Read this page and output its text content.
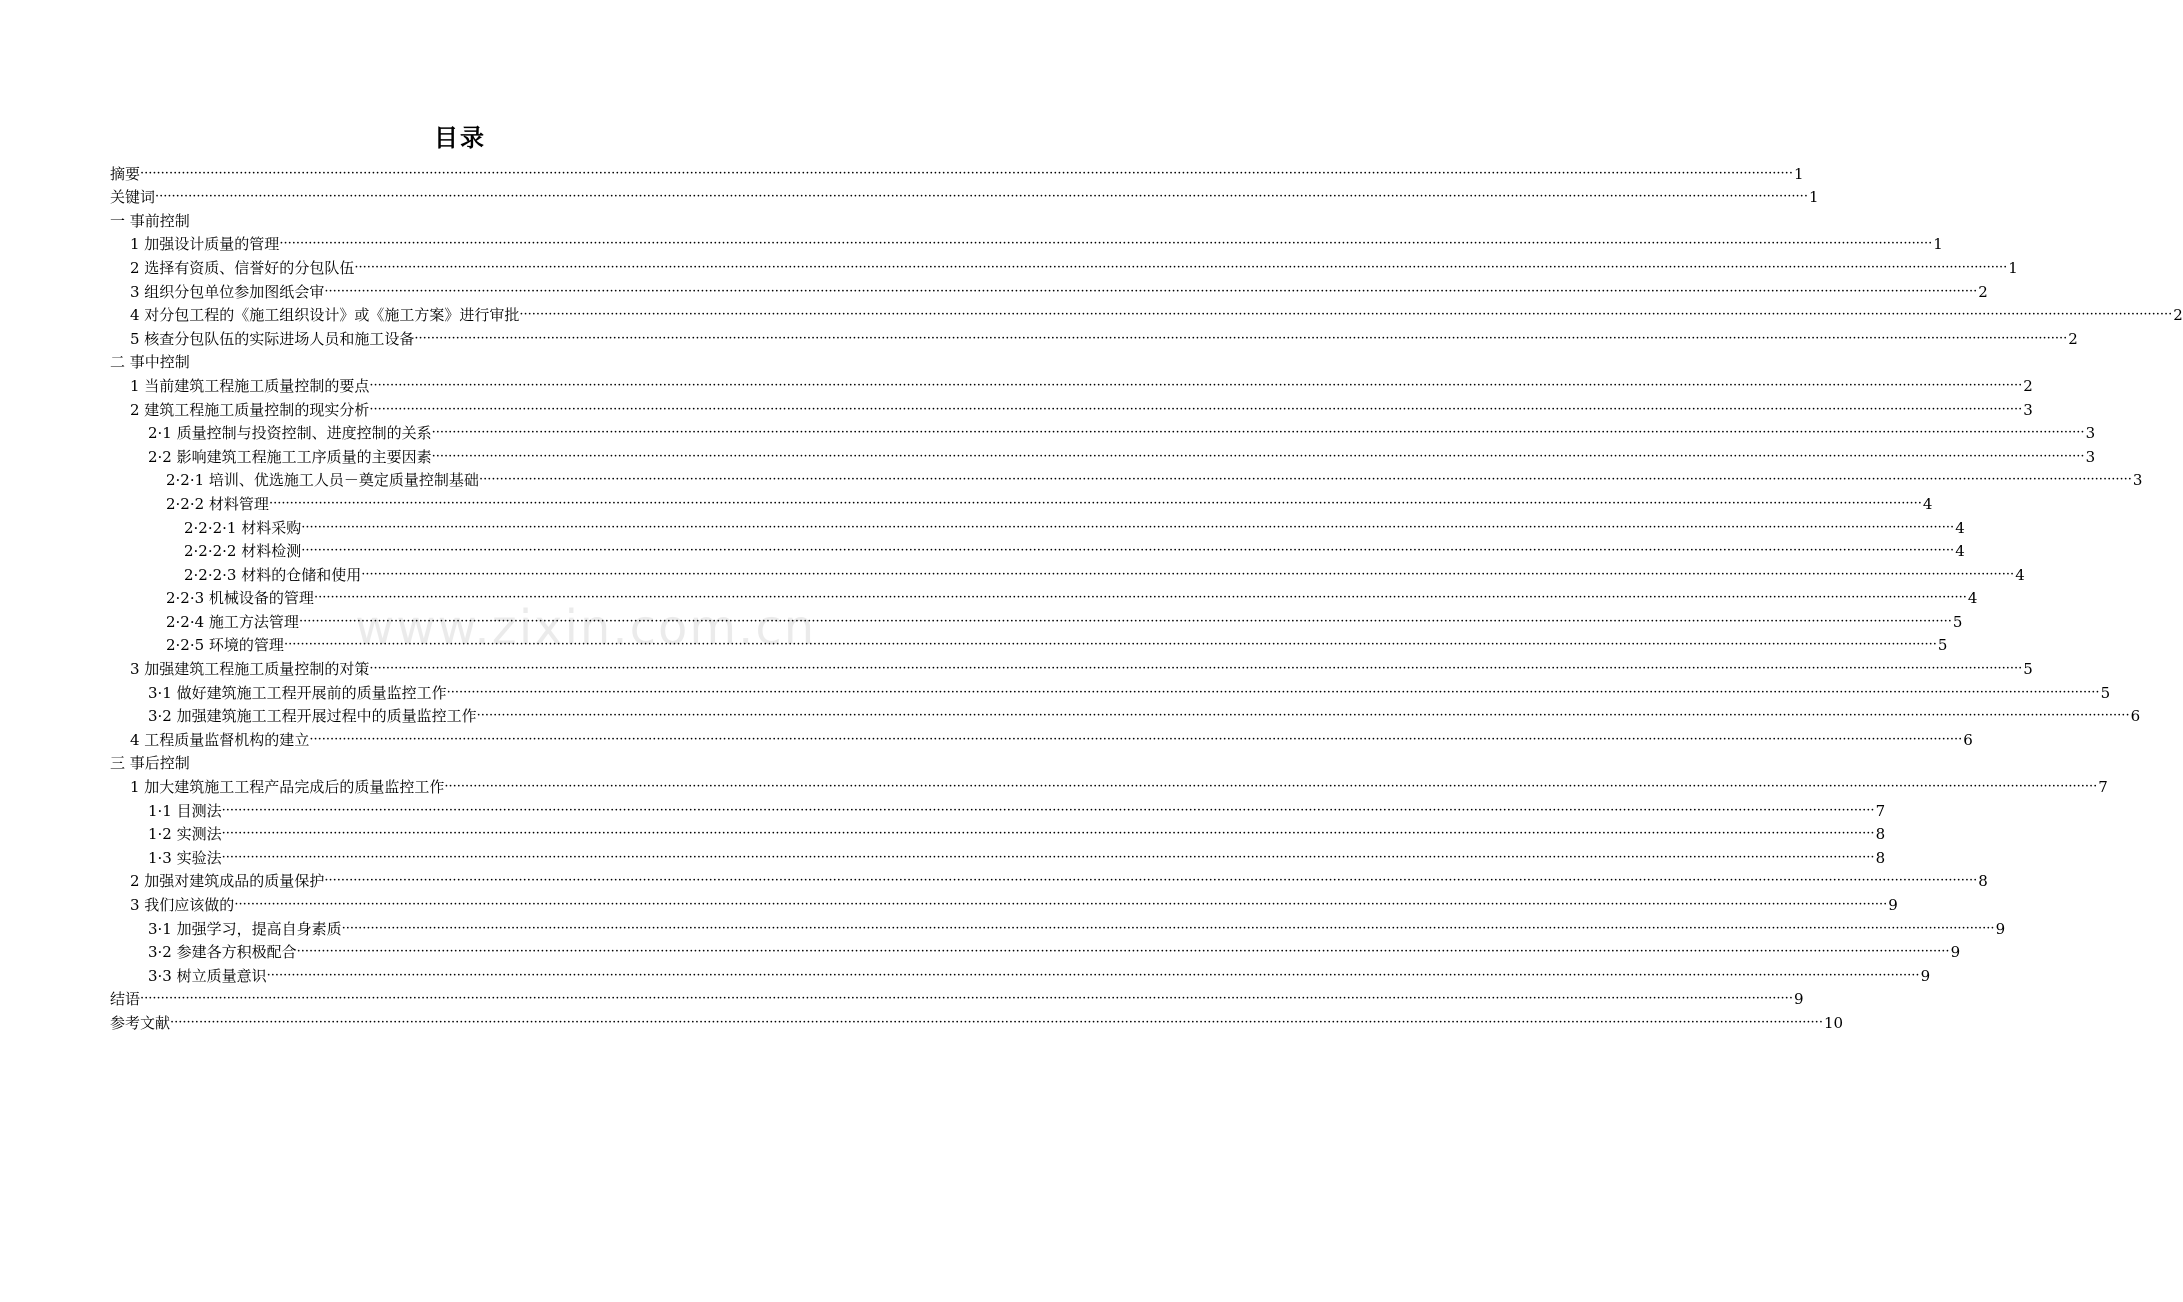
目录
www.zixin.com.cn
摘要 ················································································································································································································································································································································································································ 1
关键词 ················································································································································································································································································································································································································ 1
一 事前控制
1 加强设计质量的管理 ················································································································································································································································································································································································································ 1
2 选择有资质、信誉好的分包队伍 ················································································································································································································································································································································································································ 1
3 组织分包单位参加图纸会审 ················································································································································································································································································································································································································ 2
4 对分包工程的《施工组织设计》或《施工方案》进行审批 ················································································································································································································································································································································································································ 2
5 核查分包队伍的实际进场人员和施工设备 ················································································································································································································································································································································································································ 2
二 事中控制
1 当前建筑工程施工质量控制的要点 ················································································································································································································································································································································································································ 2
2 建筑工程施工质量控制的现实分析 ················································································································································································································································································································································································································ 3
2·1 质量控制与投资控制、进度控制的关系 ················································································································································································································································································································································································································ 3
2·2 影响建筑工程施工工序质量的主要因素 ················································································································································································································································································································································································································ 3
2·2·1 培训、优选施工人员－奠定质量控制基础 ················································································································································································································································································································································································································ 3
2·2·2 材料管理 ················································································································································································································································································································································································································ 4
2·2·2·1 材料采购 ················································································································································································································································································································································································································ 4
2·2·2·2 材料检测 ················································································································································································································································································································································································································ 4
2·2·2·3 材料的仓储和使用 ················································································································································································································································································································································································································ 4
2·2·3 机械设备的管理 ················································································································································································································································································································································································································ 4
2·2·4 施工方法管理 ················································································································································································································································································································································································································ 5
2·2·5 环境的管理 ················································································································································································································································································································································································································ 5
3 加强建筑工程施工质量控制的对策 ················································································································································································································································································································································································································ 5
3·1 做好建筑施工工程开展前的质量监控工作 ················································································································································································································································································································································································································ 5
3·2 加强建筑施工工程开展过程中的质量监控工作 ················································································································································································································································································································································································································ 6
4 工程质量监督机构的建立 ················································································································································································································································································································································································································ 6
三 事后控制
1 加大建筑施工工程产品完成后的质量监控工作 ················································································································································································································································································································································································································ 7
1·1 目测法 ················································································································································································································································································································································································································ 7
1·2 实测法 ················································································································································································································································································································································································································ 8
1·3 实验法 ················································································································································································································································································································································································································ 8
2 加强对建筑成品的质量保护 ················································································································································································································································································································································································································ 8
3 我们应该做的 ················································································································································································································································································································································································································ 9
3·1 加强学习，提高自身素质 ················································································································································································································································································································································································································ 9
3·2 参建各方积极配合 ················································································································································································································································································································································································································ 9
3·3 树立质量意识 ················································································································································································································································································································································································································ 9
结语 ················································································································································································································································································································································································································ 9
参考文献 ················································································································································································································································································································································································································ 10
